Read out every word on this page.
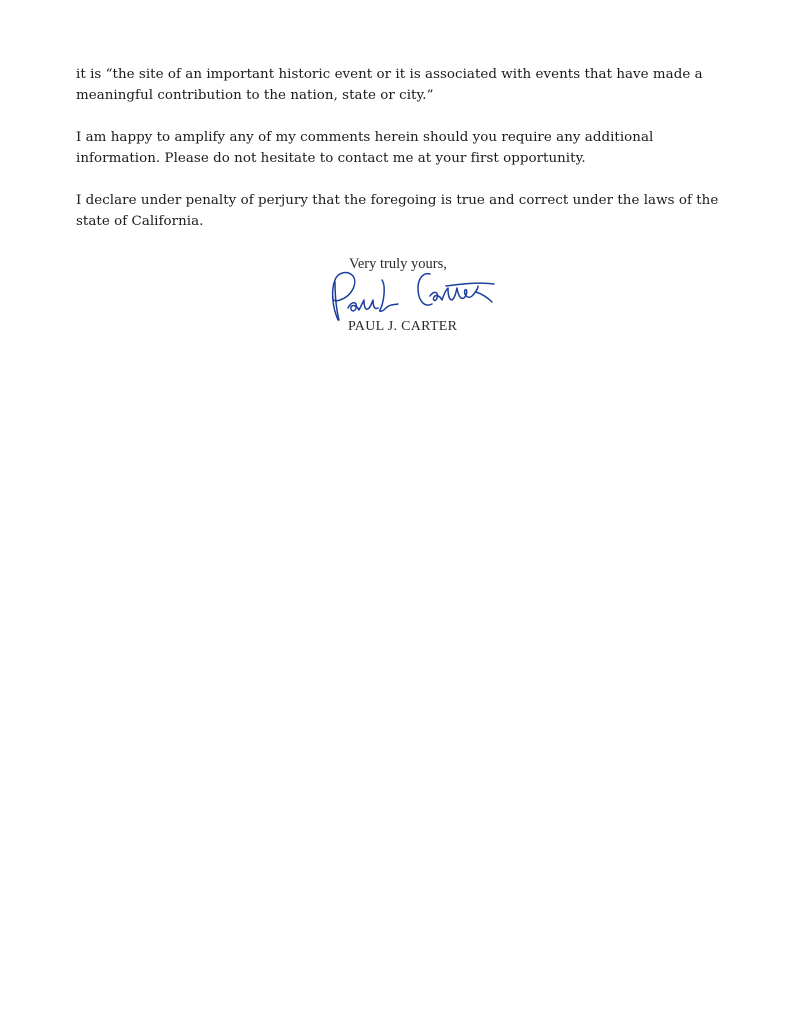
it is “the site of an important historic event or it is associated with events that have made a
meaningful contribution to the nation, state or city.”

I am happy to amplify any of my comments herein should you require any additional
information. Please do not hesitate to contact me at your first opportunity.

I declare under penalty of perjury that the foregoing is true and correct under the laws of the
state of California.

Very truly yours,
PAUL J. CARTER
